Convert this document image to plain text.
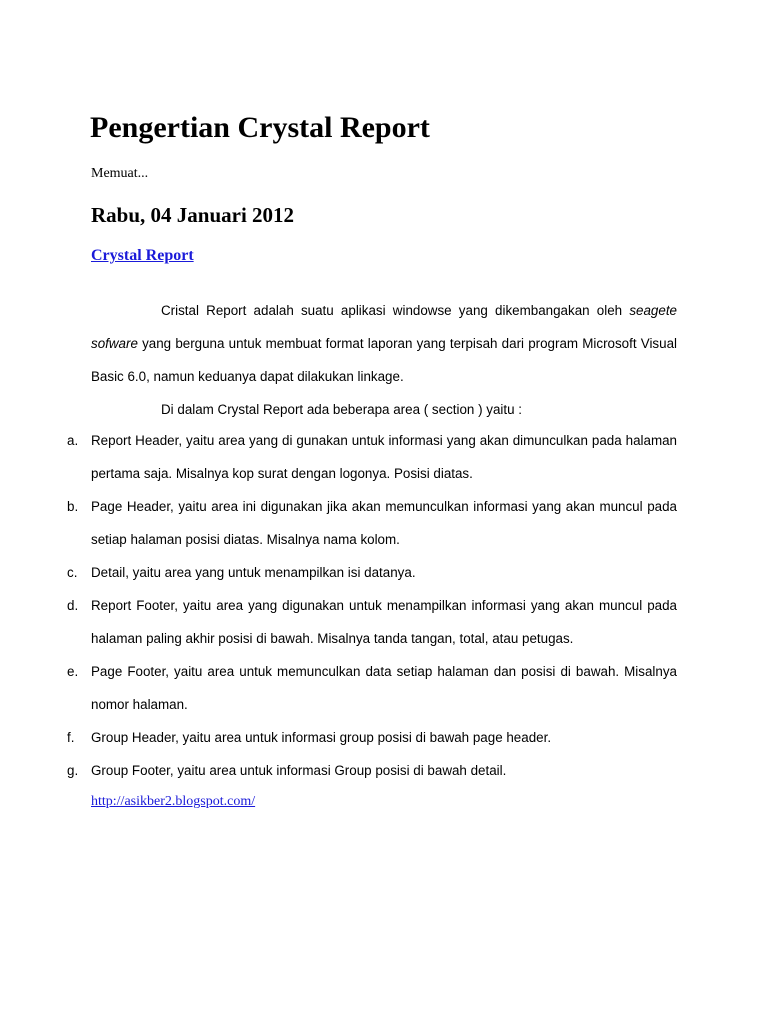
Pengertian Crystal Report
Memuat...
Rabu, 04 Januari 2012
Crystal Report

Cristal Report adalah suatu aplikasi windowse yang dikembangakan oleh seagete sofware yang berguna untuk membuat format laporan yang terpisah dari program Microsoft Visual Basic 6.0, namun keduanya dapat dilakukan linkage.

Di dalam Crystal Report ada beberapa area ( section ) yaitu :

a. Report Header, yaitu area yang di gunakan untuk informasi yang akan dimunculkan pada halaman pertama saja. Misalnya kop surat dengan logonya. Posisi diatas.
b. Page Header, yaitu area ini digunakan jika akan memunculkan informasi yang akan muncul pada setiap halaman posisi diatas. Misalnya nama kolom.
c. Detail, yaitu area yang untuk menampilkan isi datanya.
d. Report Footer, yaitu area yang digunakan untuk menampilkan informasi yang akan muncul pada halaman paling akhir posisi di bawah. Misalnya tanda tangan, total, atau petugas.
e. Page Footer, yaitu area untuk memunculkan data setiap halaman dan posisi di bawah. Misalnya nomor halaman.
f. Group Header, yaitu area untuk informasi group posisi di bawah page header.
g. Group Footer, yaitu area untuk informasi Group posisi di bawah detail.
http://asikber2.blogspot.com/
